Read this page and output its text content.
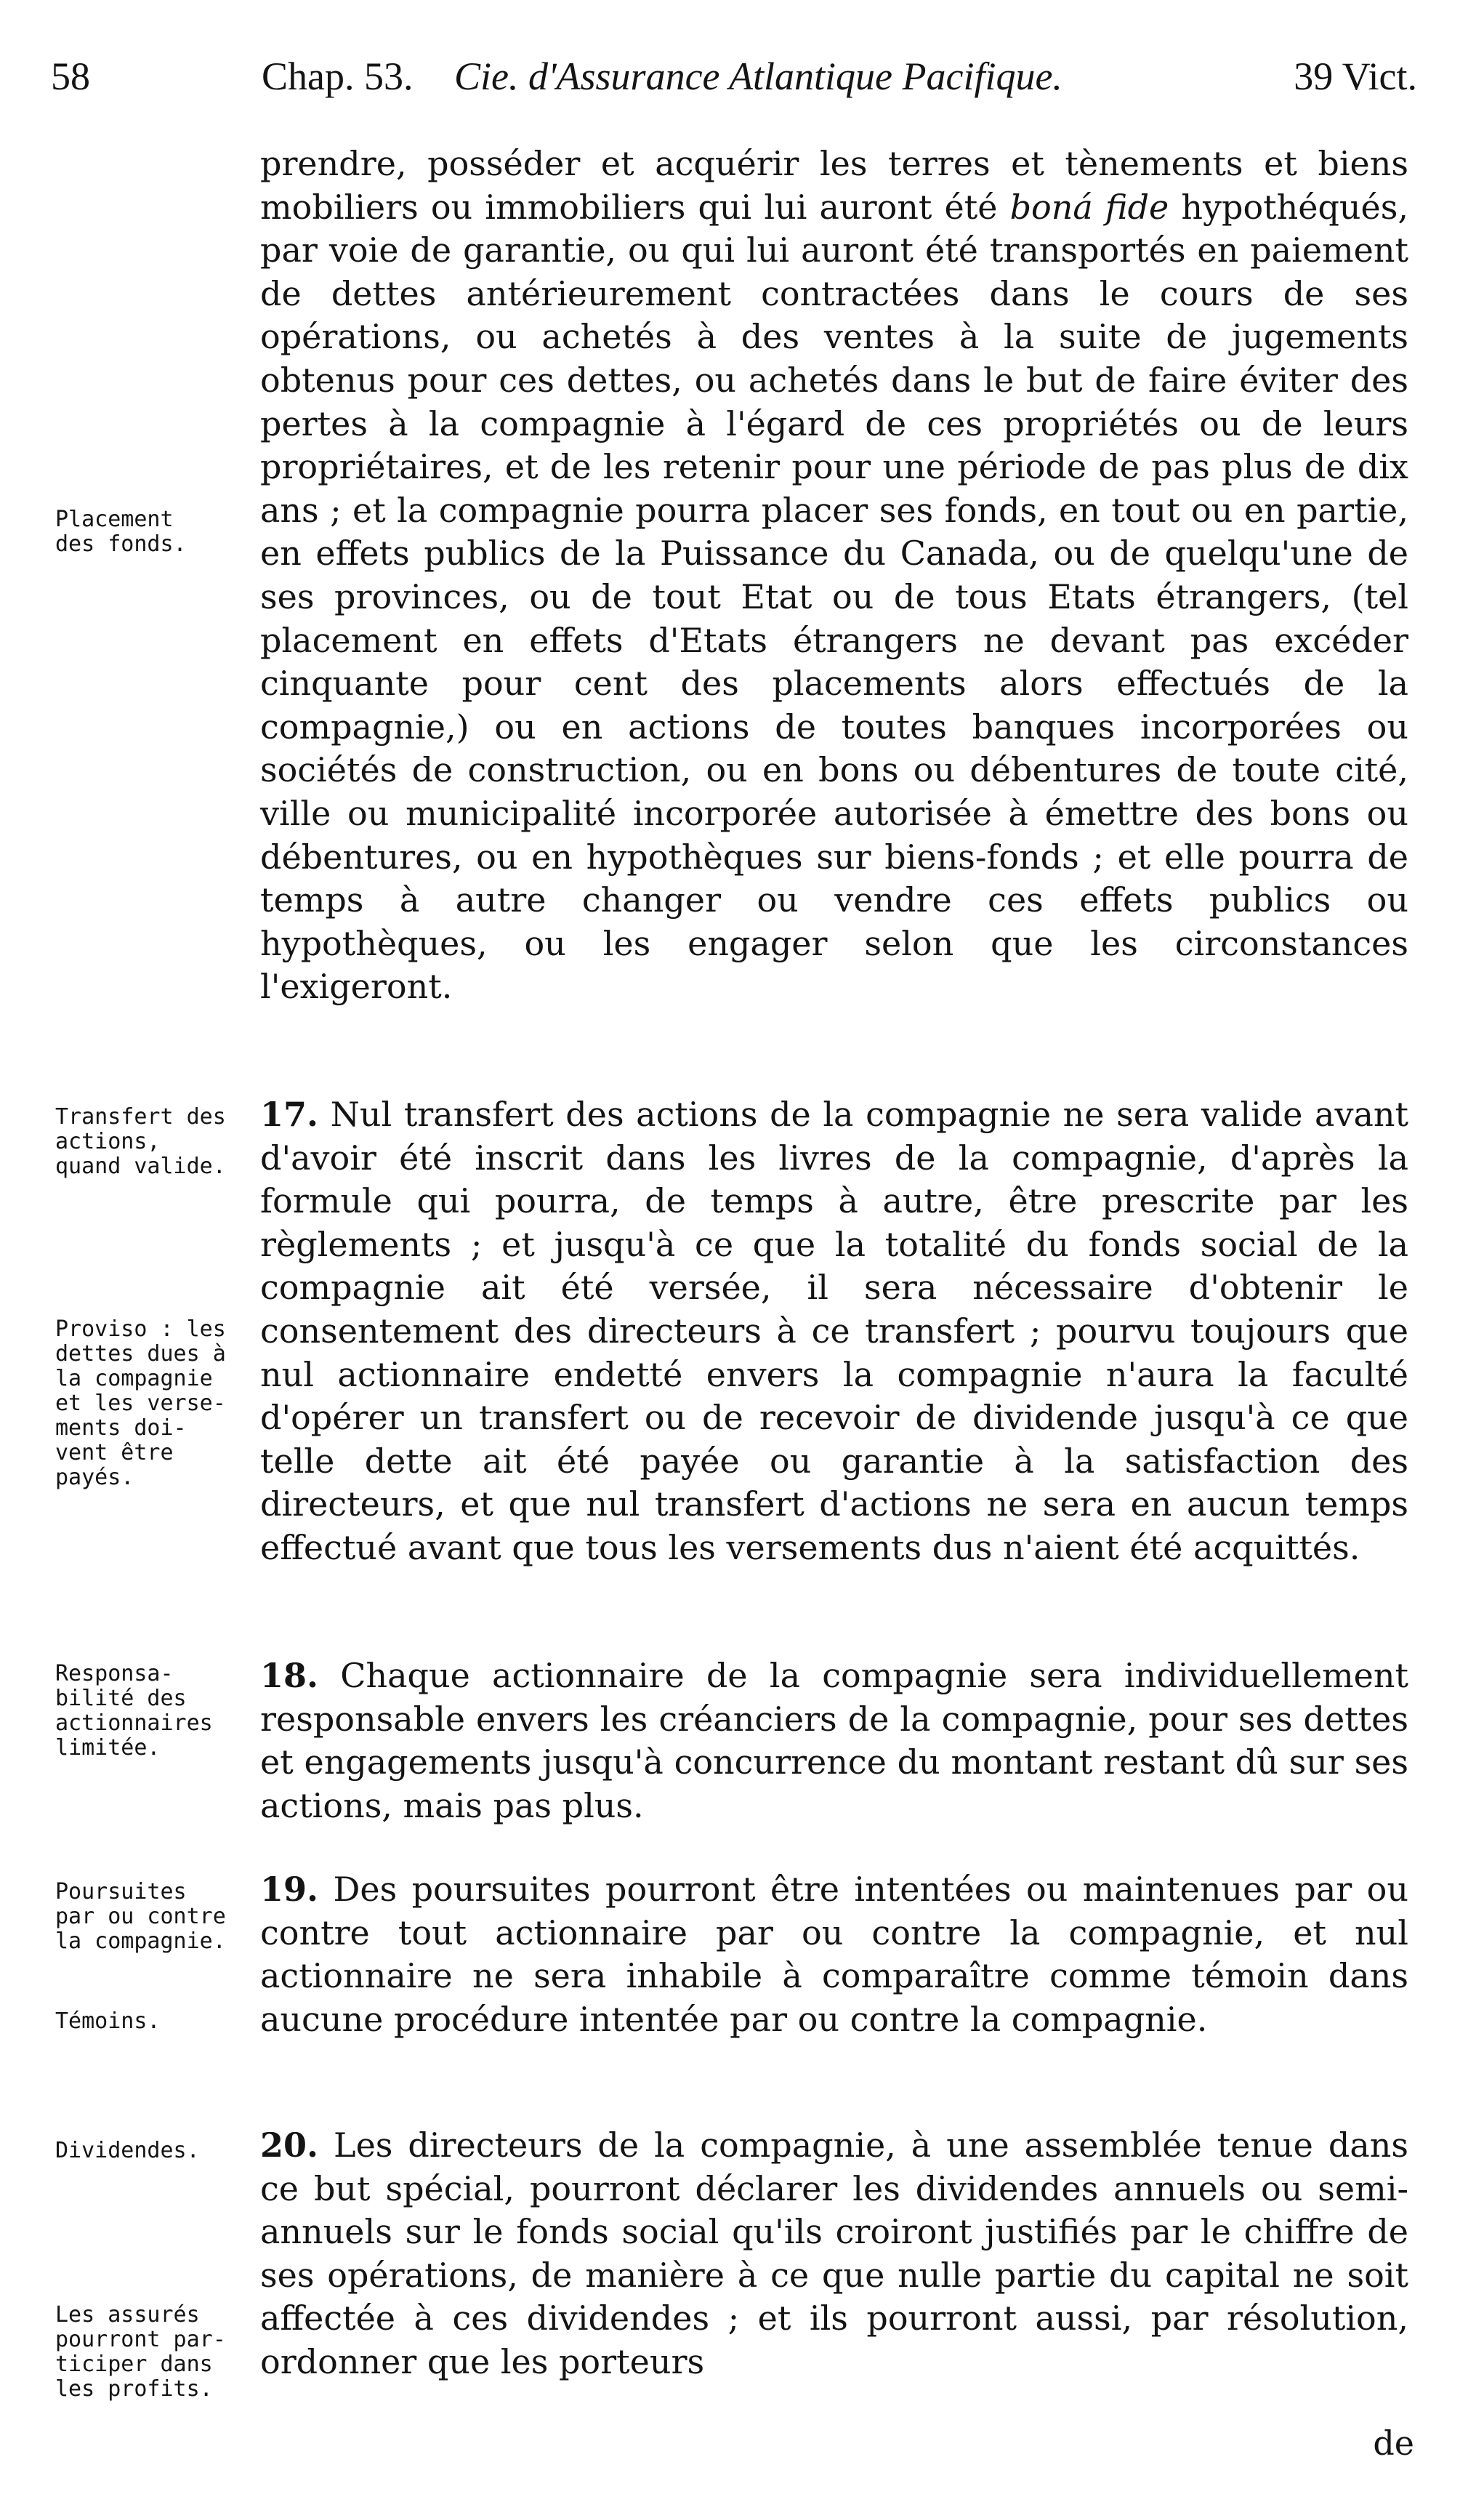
58	Chap. 53. Cie. d'Assurance Atlantique Pacifique.	39 Vict.

prendre, posséder et acquérir les terres et tènements et biens mobiliers ou immobiliers qui lui auront été boná fide hypothéqués, par voie de garantie, ou qui lui auront été transportés en paiement de dettes antérieurement contractées dans le cours de ses opérations, ou achetés à des ventes à la suite de jugements obtenus pour ces dettes, ou achetés dans le but de faire éviter des pertes à la compagnie à l'égard de ces propriétés ou de leurs propriétaires, et de les retenir pour une période de pas plus de dix ans ; et la compagnie pourra placer ses fonds, en tout ou en partie, en effets publics de la Puissance du Canada, ou de quelqu'une de ses provinces, ou de tout Etat ou de tous Etats étrangers, (tel placement en effets d'Etats étrangers ne devant pas excéder cinquante pour cent des placements alors effectués de la compagnie,) ou en actions de toutes banques incorporées ou sociétés de construction, ou en bons ou débentures de toute cité, ville ou municipalité incorporée autorisée à émettre des bons ou débentures, ou en hypothèques sur biens-fonds ; et elle pourra de temps à autre changer ou vendre ces effets publics ou hypothèques, ou les engager selon que les circonstances l'exigeront.

17. Nul transfert des actions de la compagnie ne sera valide avant d'avoir été inscrit dans les livres de la compagnie, d'après la formule qui pourra, de temps à autre, être prescrite par les règlements ; et jusqu'à ce que la totalité du fonds social de la compagnie ait été versée, il sera nécessaire d'obtenir le consentement des directeurs à ce transfert ; pourvu toujours que nul actionnaire endetté envers la compagnie n'aura la faculté d'opérer un transfert ou de recevoir de dividende jusqu'à ce que telle dette ait été payée ou garantie à la satisfaction des directeurs, et que nul transfert d'actions ne sera en aucun temps effectué avant que tous les versements dus n'aient été acquittés.

18. Chaque actionnaire de la compagnie sera individuellement responsable envers les créanciers de la compagnie, pour ses dettes et engagements jusqu'à concurrence du montant restant dû sur ses actions, mais pas plus.

19. Des poursuites pourront être intentées ou maintenues par ou contre tout actionnaire par ou contre la compagnie, et nul actionnaire ne sera inhabile à comparaître comme témoin dans aucune procédure intentée par ou contre la compagnie.

20. Les directeurs de la compagnie, à une assemblée tenue dans ce but spécial, pourront déclarer les dividendes annuels ou semi-annuels sur le fonds social qu'ils croiront justifiés par le chiffre de ses opérations, de manière à ce que nulle partie du capital ne soit affectée à ces dividendes ; et ils pourront aussi, par résolution, ordonner que les porteurs

de
Placement
des fonds.
Transfert des
actions,
quand valide.
Proviso : les
dettes dues à
la compagnie
et les verse-
ments doi-
vent être
payés.
Responsa-
bilité des
actionnaires
limitée.
Poursuites
par ou contre
la compagnie.
Témoins.
Dividendes.
Les assurés
pourront par-
ticiper dans
les profits.
